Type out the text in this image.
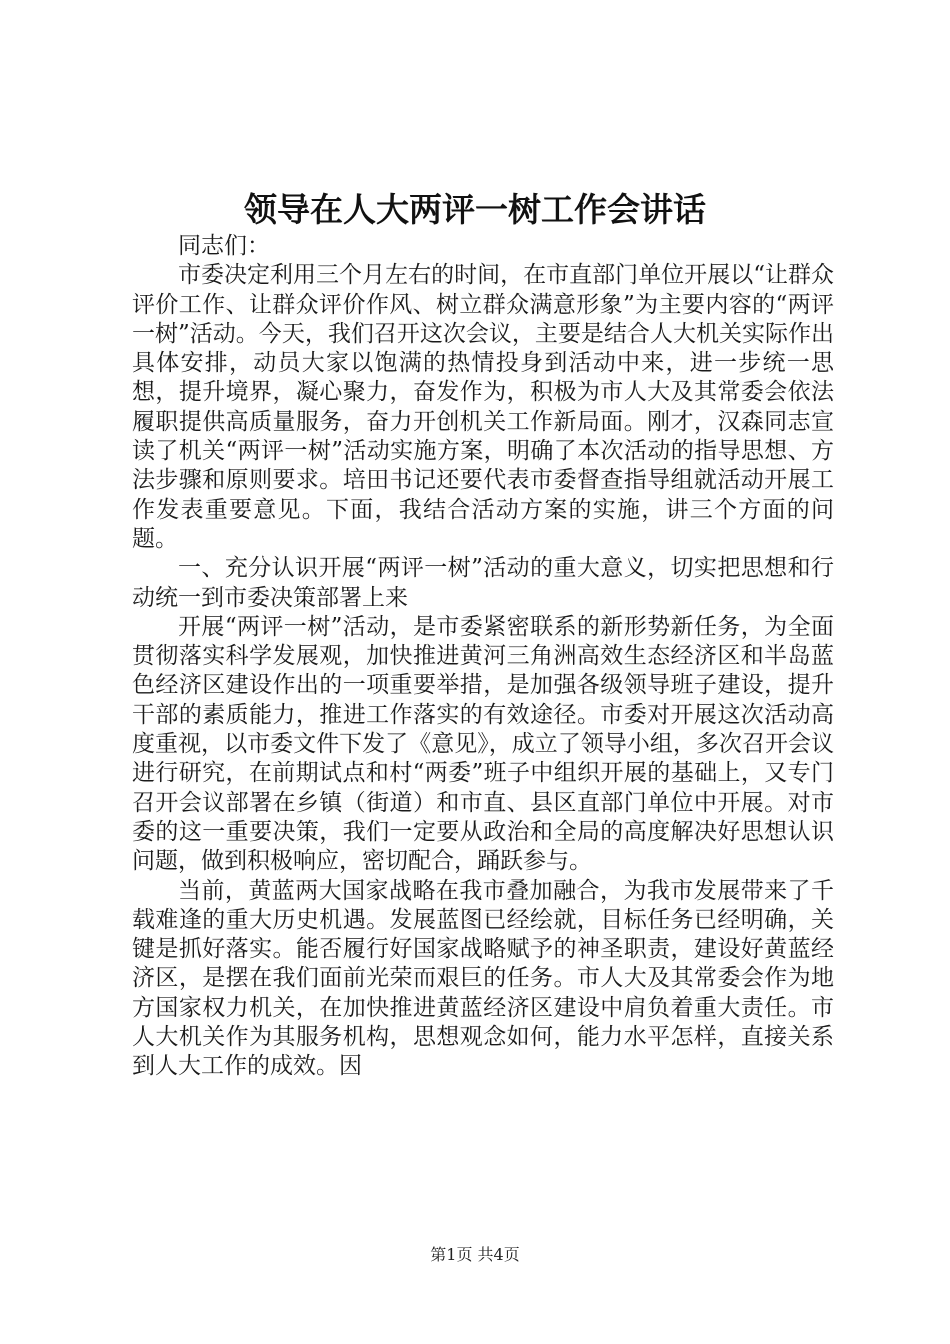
领导在人大两评一树工作会讲话

同志们：

市委决定利用三个月左右的时间，在市直部门单位开展以“让群众评价工作、让群众评价作风、树立群众满意形象”为主要内容的“两评一树”活动。今天，我们召开这次会议，主要是结合人大机关实际作出具体安排，动员大家以饱满的热情投身到活动中来，进一步统一思想，提升境界，凝心聚力，奋发作为，积极为市人大及其常委会依法履职提供高质量服务，奋力开创机关工作新局面。刚才，汉森同志宣读了机关“两评一树”活动实施方案，明确了本次活动的指导思想、方法步骤和原则要求。培田书记还要代表市委督查指导组就活动开展工作发表重要意见。下面，我结合活动方案的实施，讲三个方面的问题。

一、充分认识开展“两评一树”活动的重大意义，切实把思想和行动统一到市委决策部署上来

开展“两评一树”活动，是市委紧密联系的新形势新任务，为全面贯彻落实科学发展观，加快推进黄河三角洲高效生态经济区和半岛蓝色经济区建设作出的一项重要举措，是加强各级领导班子建设，提升干部的素质能力，推进工作落实的有效途径。市委对开展这次活动高度重视，以市委文件下发了《意见》，成立了领导小组，多次召开会议进行研究，在前期试点和村“两委”班子中组织开展的基础上，又专门召开会议部署在乡镇（街道）和市直、县区直部门单位中开展。对市委的这一重要决策，我们一定要从政治和全局的高度解决好思想认识问题，做到积极响应，密切配合，踊跃参与。

当前，黄蓝两大国家战略在我市叠加融合，为我市发展带来了千载难逢的重大历史机遇。发展蓝图已经绘就，目标任务已经明确，关键是抓好落实。能否履行好国家战略赋予的神圣职责，建设好黄蓝经济区，是摆在我们面前光荣而艰巨的任务。市人大及其常委会作为地方国家权力机关，在加快推进黄蓝经济区建设中肩负着重大责任。市人大机关作为其服务机构，思想观念如何，能力水平怎样，直接关系到人大工作的成效。因

第1页 共4页
